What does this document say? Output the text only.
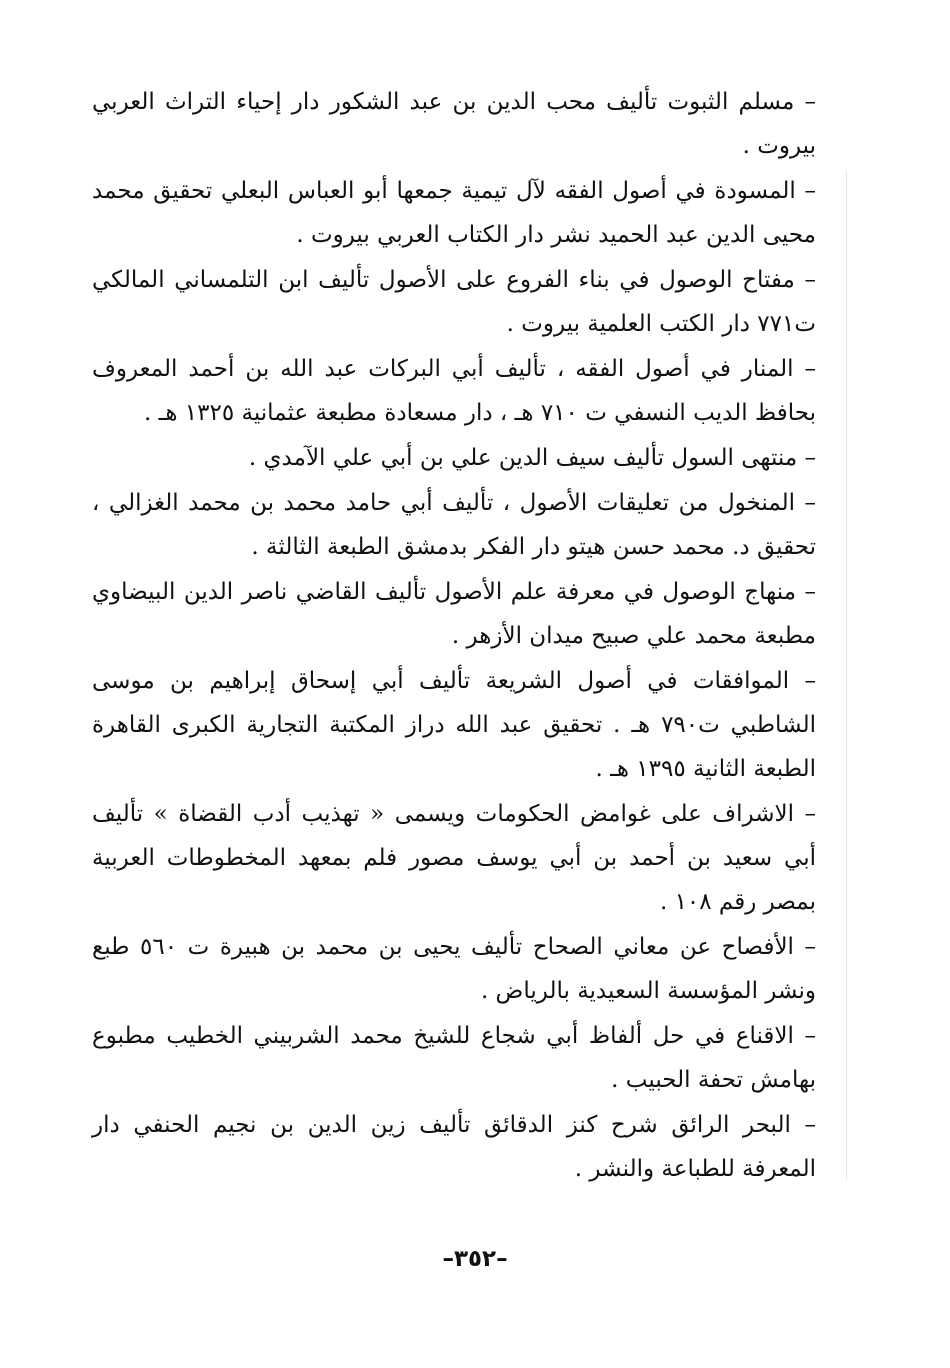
– مسلم الثبوت تأليف محب الدين بن عبد الشكور دار إحياء التراث العربي بيروت .
– المسودة في أصول الفقه لآل تيمية جمعها أبو العباس البعلي تحقيق محمد محيى الدين عبد الحميد نشر دار الكتاب العربي بيروت .
– مفتاح الوصول في بناء الفروع على الأصول تأليف ابن التلمساني المالكي ت٧٧١ دار الكتب العلمية بيروت .
– المنار في أصول الفقه ، تأليف أبي البركات عبد الله بن أحمد المعروف بحافظ الديب النسفي ت ٧١٠ هـ ، دار مسعادة مطبعة عثمانية ١٣٢٥ هـ .
– منتهى السول تأليف سيف الدين علي بن أبي علي الآمدي .
– المنخول من تعليقات الأصول ، تأليف أبي حامد محمد بن محمد الغزالي ، تحقيق د. محمد حسن هيتو دار الفكر بدمشق الطبعة الثالثة .
– منهاج الوصول في معرفة علم الأصول تأليف القاضي ناصر الدين البيضاوي مطبعة محمد علي صبيح ميدان الأزهر .
– الموافقات في أصول الشريعة تأليف أبي إسحاق إبراهيم بن موسى الشاطبي ت٧٩٠ هـ . تحقيق عبد الله دراز المكتبة التجارية الكبرى القاهرة الطبعة الثانية ١٣٩٥ هـ .
– الاشراف على غوامض الحكومات ويسمى « تهذيب أدب القضاة » تأليف أبي سعيد بن أحمد بن أبي يوسف مصور فلم بمعهد المخطوطات العربية بمصر رقم ١٠٨ .
– الأفصاح عن معاني الصحاح تأليف يحيى بن محمد بن هبيرة ت ٥٦٠ طبع ونشر المؤسسة السعيدية بالرياض .
– الاقناع في حل ألفاظ أبي شجاع للشيخ محمد الشربيني الخطيب مطبوع بهامش تحفة الحبيب .
– البحر الرائق شرح كنز الدقائق تأليف زين الدين بن نجيم الحنفي دار المعرفة للطباعة والنشر .
–٣٥٢–
